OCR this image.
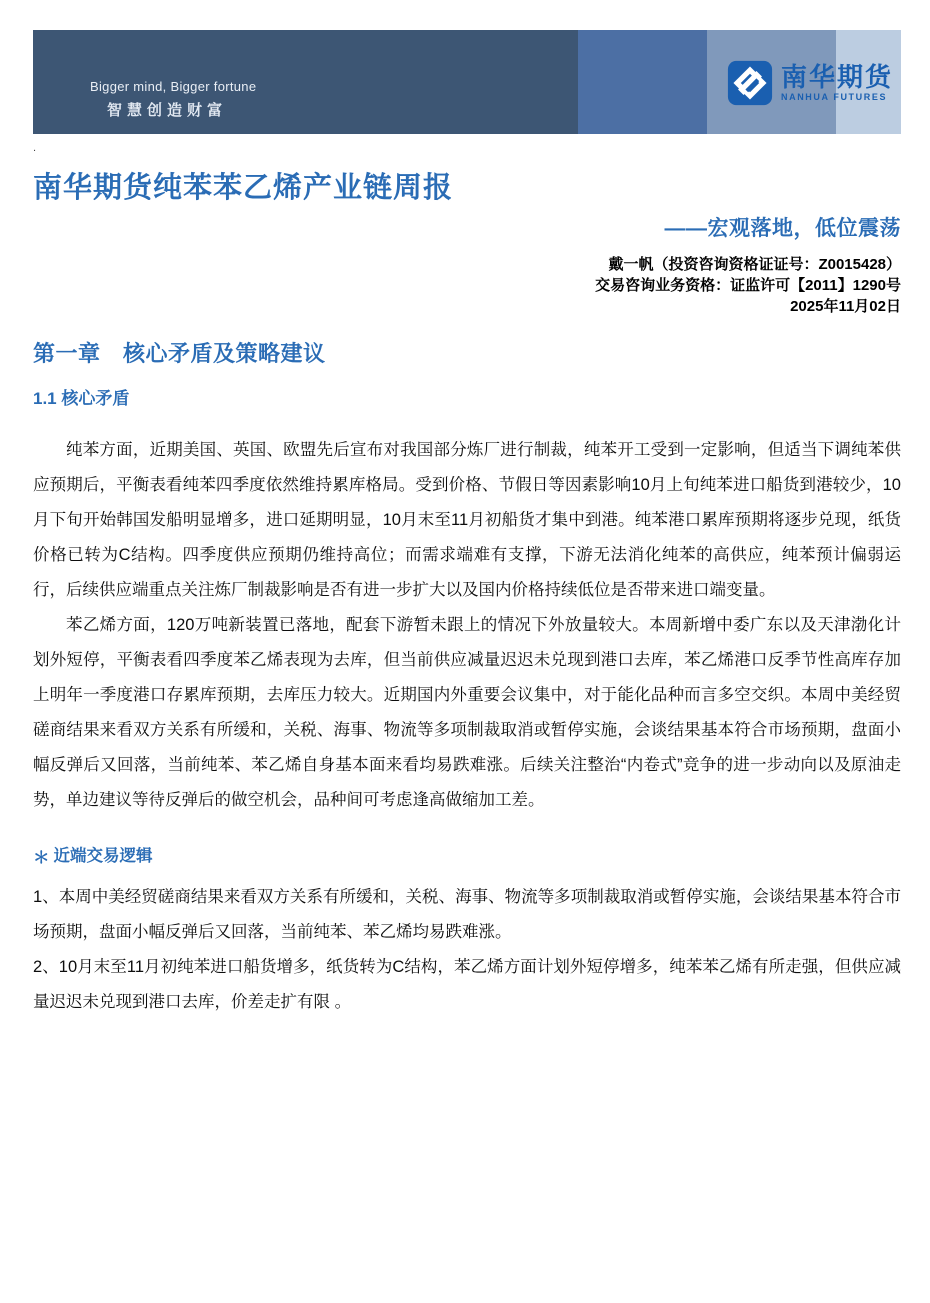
Bigger mind, Bigger fortune
智慧创造财富
南华期货
NANHUA FUTURES
.
南华期货纯苯苯乙烯产业链周报
——宏观落地，低位震荡
戴一帆（投资咨询资格证证号：Z0015428）
交易咨询业务资格：证监许可【2011】1290号
2025年11月02日
第一章　核心矛盾及策略建议
1.1 核心矛盾

纯苯方面，近期美国、英国、欧盟先后宣布对我国部分炼厂进行制裁，纯苯开工受到一定影响，但适当下调纯苯供应预期后，平衡表看纯苯四季度依然维持累库格局。受到价格、节假日等因素影响10月上旬纯苯进口船货到港较少，10月下旬开始韩国发船明显增多，进口延期明显，10月末至11月初船货才集中到港。纯苯港口累库预期将逐步兑现，纸货价格已转为C结构。四季度供应预期仍维持高位；而需求端难有支撑，下游无法消化纯苯的高供应，纯苯预计偏弱运行，后续供应端重点关注炼厂制裁影响是否有进一步扩大以及国内价格持续低位是否带来进口端变量。

苯乙烯方面，120万吨新装置已落地，配套下游暂未跟上的情况下外放量较大。本周新增中委广东以及天津渤化计划外短停，平衡表看四季度苯乙烯表现为去库，但当前供应减量迟迟未兑现到港口去库，苯乙烯港口反季节性高库存加上明年一季度港口存累库预期，去库压力较大。近期国内外重要会议集中，对于能化品种而言多空交织。本周中美经贸磋商结果来看双方关系有所缓和，关税、海事、物流等多项制裁取消或暂停实施，会谈结果基本符合市场预期，盘面小幅反弹后又回落，当前纯苯、苯乙烯自身基本面来看均易跌难涨。后续关注整治“内卷式”竞争的进一步动向以及原油走势，单边建议等待反弹后的做空机会，品种间可考虑逢高做缩加工差。

＊ 近端交易逻辑

1、本周中美经贸磋商结果来看双方关系有所缓和，关税、海事、物流等多项制裁取消或暂停实施，会谈结果基本符合市场预期，盘面小幅反弹后又回落，当前纯苯、苯乙烯均易跌难涨。

2、10月末至11月初纯苯进口船货增多，纸货转为C结构，苯乙烯方面计划外短停增多，纯苯苯乙烯有所走强，但供应减量迟迟未兑现到港口去库，价差走扩有限 。
